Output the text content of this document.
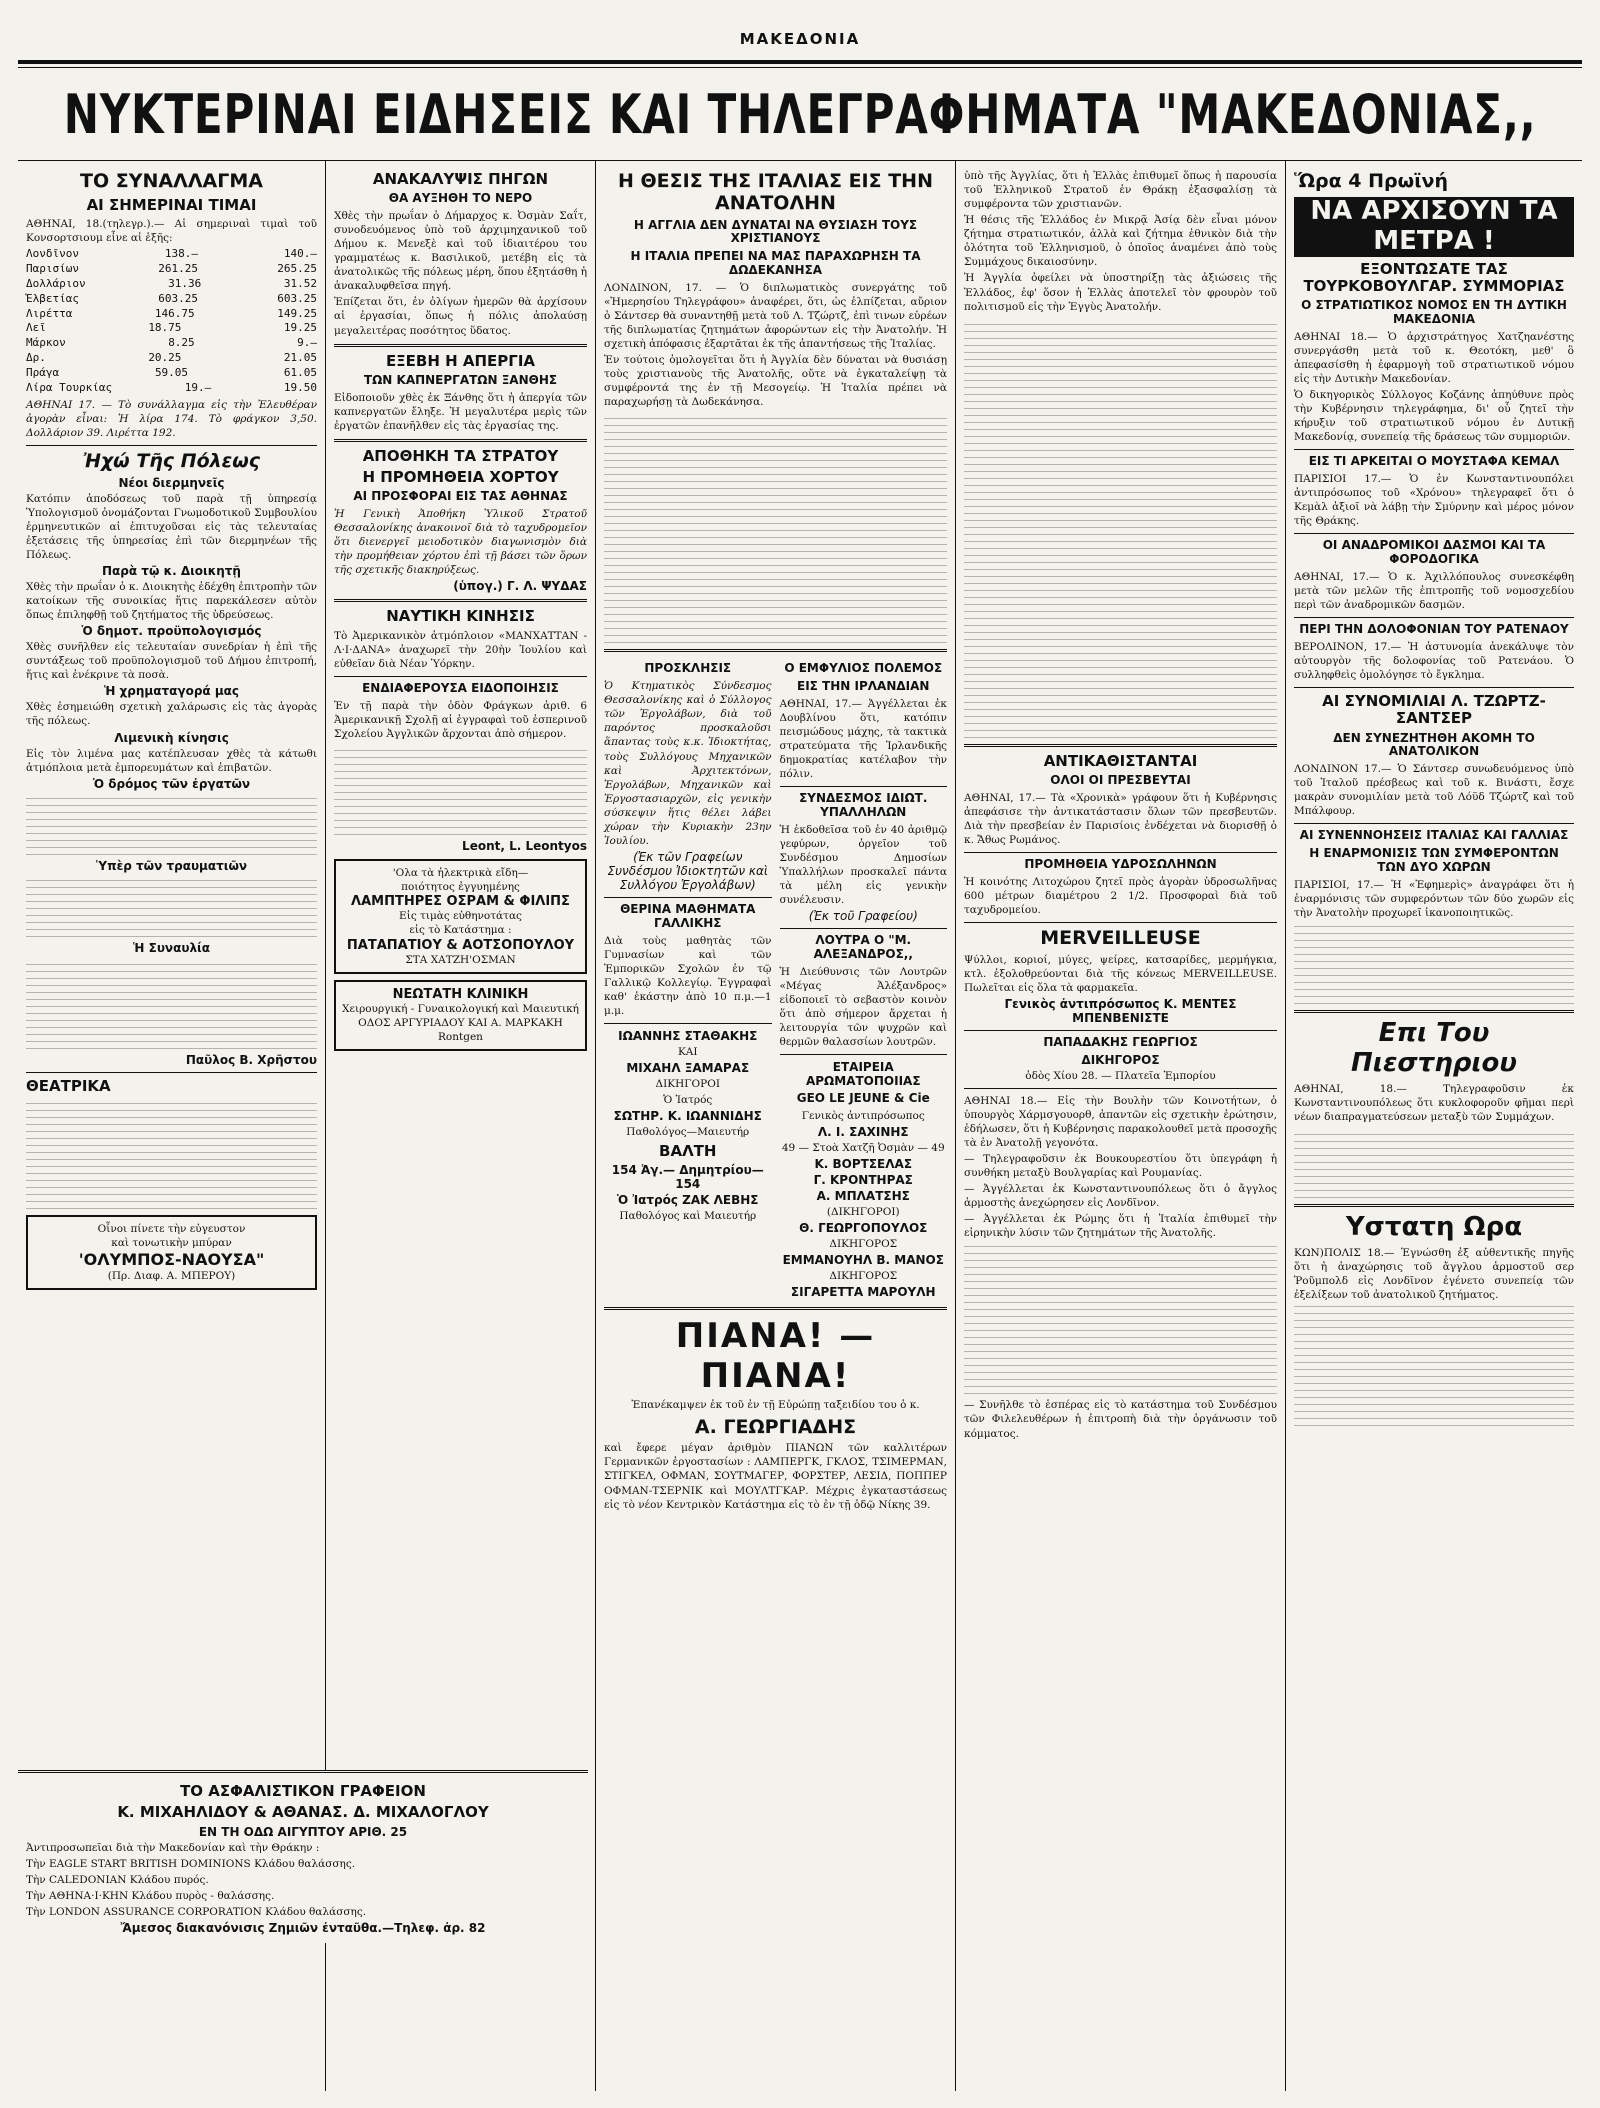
ΜΑΚΕΔΟΝΙΑ
ΝΥΚΤΕΡΙΝΑΙ ΕΙΔΗΣΕΙΣ ΚΑΙ ΤΗΛΕΓΡΑΦΗΜΑΤΑ "ΜΑΚΕΔΟΝΙΑΣ,,
ΤΟ ΣΥΝΑΛΛΑΓΜΑ
ΑΙ ΣΗΜΕΡΙΝΑΙ ΤΙΜΑΙ
ΑΘΗΝΑΙ, 18.(τηλεγρ.).— Αἱ σημεριναὶ τιμαὶ τοῦ Κονσορτσιουμ εἶνε αἱ ἑξῆς:
Λονδῖνον	138.—	140.—
Παρισίων	261.25	265.25
Δολλάριον	31.36	31.52
Ἑλβετίας	603.25	603.25
Λιρέττα	146.75	149.25
Λεῖ	18.75	19.25
Μάρκον	8.25	9.—
Δρ.	20.25	21.05
Πράγα	59.05	61.05
Λίρα Τουρκίας	19.—	19.50
ΑΘΗΝΑΙ 17. — Τὸ συνάλλαγμα εἰς τὴν Ἐλευθέραν ἀγορὰν εἶναι: Ἡ λίρα 174. Τὸ φράγκον 3,50. Δολλάριον 39. Λιρέττα 192.
Ἠχώ Τῆς Πόλεως
Νέοι διερμηνεῖς
Κατόπιν ἀποδόσεως τοῦ παρὰ τῇ ὑπηρεσίᾳ Ὑπολογισμοῦ ὀνομάζονται Γνωμοδοτικοῦ Συμβουλίου ἐρμηνευτικῶν αἱ ἐπιτυχοῦσαι εἰς τὰς τελευταίας ἐξετάσεις τῆς ὑπηρεσίας ἐπὶ τῶν διερμηνέων τῆς Πόλεως.
Παρὰ τῷ κ. Διοικητῇ
Χθὲς τὴν πρωΐαν ὁ κ. Διοικητὴς ἐδέχθη ἐπιτροπὴν τῶν κατοίκων τῆς συνοικίας ἥτις παρεκάλεσεν αὐτὸν ὅπως ἐπιληφθῇ τοῦ ζητήματος τῆς ὑδρεύσεως.
Ὁ δημοτ. προϋπολογισμός
Χθὲς συνῆλθεν εἰς τελευταίαν συνεδρίαν ἡ ἐπὶ τῆς συντάξεως τοῦ προϋπολογισμοῦ τοῦ Δήμου ἐπιτροπή, ἥτις καὶ ἐνέκρινε τὰ ποσὰ.
Ἡ χρηματαγορά μας
Χθὲς ἐσημειώθη σχετικὴ χαλάρωσις εἰς τὰς ἀγορὰς τῆς πόλεως.
Λιμενικὴ κίνησις
Εἰς τὸν λιμένα μας κατέπλευσαν χθὲς τὰ κάτωθι ἀτμόπλοια μετὰ ἐμπορευμάτων καὶ ἐπιβατῶν.
Ὁ δρόμος τῶν ἐργατῶν
Ὑπὲρ τῶν τραυματιῶν
Ἡ Συναυλία
Παῦλος Β. Χρῆστου
ΘΕΑΤΡΙΚΑ
Οἶνοι πίνετε τὴν εὐγευστον
καὶ τονωτικὴν μπύραν
'ΟΛΥΜΠΟΣ-ΝΑΟΥΣΑ"
(Πρ. Διαφ. Α. ΜΠΕΡΟΥ)
ΑΝΑΚΑΛΥΨΙΣ ΠΗΓΩΝ
ΘΑ ΑΥΞΗΘΗ ΤΟ ΝΕΡΟ
Χθὲς τὴν πρωΐαν ὁ Δήμαρχος κ. Ὀσμὰν Σαΐτ, συνοδευόμενος ὑπὸ τοῦ ἀρχιμηχανικοῦ τοῦ Δήμου κ. Μενεξὲ καὶ τοῦ ἰδιαιτέρου του γραμματέως κ. Βασιλικοῦ, μετέβη εἰς τὰ ἀνατολικῶς τῆς πόλεως μέρη, ὅπου ἐξητάσθη ἡ ἀνακαλυφθεῖσα πηγή.
Ἐπίζεται ὅτι, ἐν ὀλίγων ἡμερῶν θὰ ἀρχίσουν αἱ ἐργασίαι, ὅπως ἡ πόλις ἀπολαύσῃ μεγαλειτέρας ποσότητος ὕδατος.
ΕΞΕΒΗ Η ΑΠΕΡΓΙΑ
ΤΩΝ ΚΑΠΝΕΡΓΑΤΩΝ ΞΑΝΘΗΣ
Εἰδοποιοῦν χθὲς ἐκ Ξάνθης ὅτι ἡ ἀπεργία τῶν καπνεργατῶν ἔληξε. Ἡ μεγαλυτέρα μερὶς τῶν ἐργατῶν ἐπανῆλθεν εἰς τὰς ἐργασίας της.
ΑΠΟΘΗΚΗ ΤΑ ΣΤΡΑΤΟΥ
Η ΠΡΟΜΗΘΕΙΑ ΧΟΡΤΟΥ
ΑΙ ΠΡΟΣΦΟΡΑΙ ΕΙΣ ΤΑΣ ΑΘΗΝΑΣ
Ἡ Γενικὴ Ἀποθήκη Ὑλικοῦ Στρατοῦ Θεσσαλονίκης ἀνακοινοῖ διὰ τὸ ταχυδρομεῖον ὅτι διενεργεῖ μειοδοτικὸν διαγωνισμὸν διὰ τὴν προμήθειαν χόρτου ἐπὶ τῇ βάσει τῶν ὅρων τῆς σχετικῆς διακηρύξεως.
(ὑπογ.) Γ. Λ. ΨΥΔΑΣ
ΝΑΥΤΙΚΗ ΚΙΝΗΣΙΣ
Τὸ Ἀμερικανικὸν ἀτμόπλοιον «ΜΑΝΧΑΤΤΑΝ - Λ·Ι·ΔΑΝΑ» ἀναχωρεῖ τὴν 20ὴν Ἰουλίου καὶ εὐθεῖαν διὰ Νέαν Ὑόρκην.
ΕΝΔΙΑΦΕΡΟΥΣΑ ΕΙΔΟΠΟΙΗΣΙΣ
Ἐν τῇ παρὰ τὴν ὁδὸν Φράγκων ἀριθ. 6 Ἀμερικανικῇ Σχολῇ αἱ ἐγγραφαὶ τοῦ ἑσπερινοῦ Σχολείου Ἀγγλικῶν ἄρχονται ἀπὸ σήμερον.
Leont, L. Leontyos
'Ολα τὰ ἠλεκτρικὰ εἴδη—
ποιότητος ἐγγυημένης
ΛΑΜΠΤΗΡΕΣ ΟΣΡΑΜ & ΦΙΛΙΠΣ
Εἰς τιμὰς εὐθηνοτάτας
εἰς τὸ Κατάστημα :
ΠΑΤΑΠΑΤΙΟΥ & ΑΟΤΣΟΠΟΥΛΟΥ
ΣΤΑ ΧΑΤΖΗ'ΟΣΜΑΝ
ΝΕΩΤΑΤΗ ΚΛΙΝΙΚΗ
Χειρουργική - Γυναικολογική καὶ Μαιευτική
ΟΔΟΣ ΑΡΓΥΡΙΑΔΟΥ ΚΑΙ Α. ΜΑΡΚΑΚΗ
Rontgen
Η ΘΕΣΙΣ ΤΗΣ ΙΤΑΛΙΑΣ ΕΙΣ ΤΗΝ ΑΝΑΤΟΛΗΝ
Η ΑΓΓΛΙΑ ΔΕΝ ΔΥΝΑΤΑΙ ΝΑ ΘΥΣΙΑΣΗ ΤΟΥΣ ΧΡΙΣΤΙΑΝΟΥΣ
Η ΙΤΑΛΙΑ ΠΡΕΠΕΙ ΝΑ ΜΑΣ ΠΑΡΑΧΩΡΗΣΗ ΤΑ ΔΩΔΕΚΑΝΗΣΑ
ΛΟΝΔΙΝΟΝ, 17. — Ὁ διπλωματικὸς συνεργάτης τοῦ «Ἡμερησίου Τηλεγράφου» ἀναφέρει, ὅτι, ὡς ἐλπίζεται, αὔριον ὁ Σάντσερ θὰ συναντηθῇ μετὰ τοῦ Λ. Τζώρτζ, ἐπὶ τινων εὑρέων τῆς διπλωματίας ζητημάτων ἀφορώντων εἰς τὴν Ἀνατολήν. Ἡ σχετικὴ ἀπόφασις ἐξαρτᾶται ἐκ τῆς ἀπαντήσεως τῆς Ἰταλίας.
Ἐν τούτοις ὁμολογεῖται ὅτι ἡ Ἀγγλία δὲν δύναται νὰ θυσιάσῃ τοὺς χριστιανοὺς τῆς Ἀνατολῆς, οὔτε νὰ ἐγκαταλείψῃ τὰ συμφέροντά της ἐν τῇ Μεσογείῳ. Ἡ Ἰταλία πρέπει νὰ παραχωρήσῃ τὰ Δωδεκάνησα.
ΠΡΟΣΚΛΗΣΙΣ
Ὁ Κτηματικὸς Σύνδεσμος Θεσσαλονίκης καὶ ὁ Σύλλογος τῶν Ἐργολάβων, διὰ τοῦ παρόντος προσκαλοῦσι ἅπαντας τοὺς κ.κ. Ἰδιοκτήτας, τοὺς Συλλόγους Μηχανικῶν καὶ Ἀρχιτεκτόνων, Ἐργολάβων, Μηχανικῶν καὶ Ἐργοστασιαρχῶν, εἰς γενικὴν σύσκεψιν ἥτις θέλει λάβει χώραν τὴν Κυριακὴν 23ην Ἰουλίου.
(Ἐκ τῶν Γραφείων Συνδέσμου Ἰδιοκτητῶν καὶ Συλλόγου Ἐργολάβων)
ΘΕΡΙΝΑ ΜΑΘΗΜΑΤΑ ΓΑΛΛΙΚΗΣ
Διὰ τοὺς μαθητὰς τῶν Γυμνασίων καὶ τῶν Ἐμπορικῶν Σχολῶν ἐν τῷ Γαλλικῷ Κολλεγίῳ. Ἐγγραφαὶ καθ' ἑκάστην ἀπὸ 10 π.μ.—1 μ.μ.
ΙΩΑΝΝΗΣ ΣΤΑΘΑΚΗΣ
ΚΑΙ
ΜΙΧΑΗΛ ΞΑΜΑΡΑΣ
ΔΙΚΗΓΟΡΟΙ
Ὁ Ἰατρός
ΣΩΤΗΡ. Κ. ΙΩΑΝΝΙΔΗΣ
Παθολόγος—Μαιευτήρ
ΒΑΛΤΗ
154 Ἀγ.— Δημητρίου—154
Ὁ Ἰατρός ΖΑΚ ΛΕΒΗΣ
Παθολόγος καὶ Μαιευτήρ
Ο ΕΜΦΥΛΙΟΣ ΠΟΛΕΜΟΣ
ΕΙΣ ΤΗΝ ΙΡΛΑΝΔΙΑΝ
ΑΘΗΝΑΙ, 17.— Ἀγγέλλεται ἐκ Δουβλίνου ὅτι, κατόπιν πεισμώδους μάχης, τὰ τακτικὰ στρατεύματα τῆς Ἰρλανδικῆς δημοκρατίας κατέλαβον τὴν πόλιν.
ΣΥΝΔΕΣΜΟΣ ΙΔΙΩΤ. ΥΠΑΛΛΗΛΩΝ
Ἡ ἐκδοθεῖσα τοῦ ἐν 40 ἀριθμῷ γεφύρων, ὀργεῖον τοῦ Συνδέσμου Δημοσίων Ὑπαλλήλων προσκαλεῖ πάντα τὰ μέλη εἰς γενικὴν συνέλευσιν.
(Ἐκ τοῦ Γραφείου)
ΛΟΥΤΡΑ Ο "Μ. ΑΛΕΞΑΝΔΡΟΣ,,
Ἡ Διεύθυνσις τῶν Λουτρῶν «Μέγας Ἀλέξανδρος» εἰδοποιεῖ τὸ σεβαστὸν κοινὸν ὅτι ἀπὸ σήμερον ἄρχεται ἡ λειτουργία τῶν ψυχρῶν καὶ θερμῶν θαλασσίων λουτρῶν.
ΕΤΑΙΡΕΙΑ ΑΡΩΜΑΤΟΠΟΙΙΑΣ
GEO LE JEUNE & Cie
Γενικὸς ἀντιπρόσωπος
Λ. Ι. ΣΑΧΙΝΗΣ
49 — Στοὰ Χατζῆ Ὀσμὰν — 49
Κ. ΒΟΡΤΣΕΛΑΣ
Γ. ΚΡΟΝΤΗΡΑΣ
Α. ΜΠΛΑΤΣΗΣ
(ΔΙΚΗΓΟΡΟΙ)
Θ. ΓΕΩΡΓΟΠΟΥΛΟΣ
ΔΙΚΗΓΟΡΟΣ
ΕΜΜΑΝΟΥΗΛ Β. ΜΑΝΟΣ
ΔΙΚΗΓΟΡΟΣ
ΣΙΓΑΡΕΤΤΑ ΜΑΡΟΥΛΗ
ΠΙΑΝΑ! — ΠΙΑΝΑ!
Ἐπανέκαμψεν ἐκ τοῦ ἐν τῇ Εὐρώπῃ ταξειδίου του ὁ κ.
Α. ΓΕΩΡΓΙΑΔΗΣ
καὶ ἔφερε μέγαν ἀριθμὸν ΠΙΑΝΩΝ τῶν καλλιτέρων Γερμανικῶν ἐργοστασίων : ΛΑΜΠΕΡΓΚ, ΓΚΛΟΣ, ΤΣΙΜΕΡΜΑΝ, ΣΤΙΓΚΕΛ, ΟΦΜΑΝ, ΣΟΥΤΜΑΓΕΡ, ΦΟΡΣΤΕΡ, ΛΕΣΙΔ, ΠΟΠΠΕΡ ΟΦΜΑΝ-ΤΣΕΡΝΙΚ καὶ ΜΟΥΛΤΓΚΑΡ. Μέχρις ἐγκαταστάσεως εἰς τὸ νέον Κεντρικὸν Κατάστημα εἰς τὸ ἐν τῇ ὁδῷ Νίκης 39.
ὑπὸ τῆς Ἀγγλίας, ὅτι ἡ Ἑλλὰς ἐπιθυμεῖ ὅπως ἡ παρουσία τοῦ Ἑλληνικοῦ Στρατοῦ ἐν Θράκῃ ἐξασφαλίσῃ τὰ συμφέροντα τῶν χριστιανῶν.
Ἡ θέσις τῆς Ἑλλάδος ἐν Μικρᾷ Ἀσίᾳ δὲν εἶναι μόνον ζήτημα στρατιωτικόν, ἀλλὰ καὶ ζήτημα ἐθνικὸν διὰ τὴν ὁλότητα τοῦ Ἑλληνισμοῦ, ὁ ὁποῖος ἀναμένει ἀπὸ τοὺς Συμμάχους δικαιοσύνην.
Ἡ Ἀγγλία ὀφείλει νὰ ὑποστηρίξῃ τὰς ἀξιώσεις τῆς Ἑλλάδος, ἐφ' ὅσον ἡ Ἑλλὰς ἀποτελεῖ τὸν φρουρὸν τοῦ πολιτισμοῦ εἰς τὴν Ἐγγὺς Ἀνατολήν.
ΑΝΤΙΚΑΘΙΣΤΑΝΤΑΙ
ΟΛΟΙ ΟΙ ΠΡΕΣΒΕΥΤΑΙ
ΑΘΗΝΑΙ, 17.— Τὰ «Χρονικὰ» γράφουν ὅτι ἡ Κυβέρνησις ἀπεφάσισε τὴν ἀντικατάστασιν ὅλων τῶν πρεσβευτῶν. Διὰ τὴν πρεσβείαν ἐν Παρισίοις ἐνδέχεται νὰ διορισθῇ ὁ κ. Ἄθως Ρωμάνος.
ΠΡΟΜΗΘΕΙΑ ΥΔΡΟΣΩΛΗΝΩΝ
Ἡ κοινότης Λιτοχώρου ζητεῖ πρὸς ἀγορὰν ὑδροσωλῆνας 600 μέτρων διαμέτρου 2 1/2. Προσφοραὶ διὰ τοῦ ταχυδρομείου.
MERVEILLEUSE
Ψύλλοι, κοριοί, μύγες, ψείρες, κατσαρίδες, μερμήγκια, κτλ. ἐξολοθρεύονται διὰ τῆς κόνεως MERVEILLEUSE. Πωλεῖται εἰς ὅλα τὰ φαρμακεῖα.
Γενικὸς ἀντιπρόσωπος Κ. ΜΕΝΤΕΣ ΜΠΕΝΒΕΝΙΣΤΕ
ΠΑΠΑΔΑΚΗΣ ΓΕΩΡΓΙΟΣ
ΔΙΚΗΓΟΡΟΣ
ὁδὸς Χίου 28. — Πλατεῖα Ἐμπορίου
ΑΘΗΝΑΙ 18.— Εἰς τὴν Βουλὴν τῶν Κοινοτήτων, ὁ ὑπουργὸς Χάρμσγουορθ, ἀπαντῶν εἰς σχετικὴν ἐρώτησιν, ἐδήλωσεν, ὅτι ἡ Κυβέρνησις παρακολουθεῖ μετὰ προσοχῆς τὰ ἐν Ἀνατολῇ γεγονότα.
— Τηλεγραφοῦσιν ἐκ Βουκουρεστίου ὅτι ὑπεγράφη ἡ συνθήκη μεταξὺ Βουλγαρίας καὶ Ρουμανίας.
— Ἀγγέλλεται ἐκ Κωνσταντινουπόλεως ὅτι ὁ ἄγγλος ἁρμοστὴς ἀνεχώρησεν εἰς Λονδῖνον.
— Ἀγγέλλεται ἐκ Ρώμης ὅτι ἡ Ἰταλία ἐπιθυμεῖ τὴν εἰρηνικὴν λύσιν τῶν ζητημάτων τῆς Ἀνατολῆς.
— Συνῆλθε τὸ ἑσπέρας εἰς τὸ κατάστημα τοῦ Συνδέσμου τῶν Φιλελευθέρων ἡ ἐπιτροπὴ διὰ τὴν ὀργάνωσιν τοῦ κόμματος.
Ὥρα 4 Πρωϊνή
ΝΑ ΑΡΧΙΣΟΥΝ ΤΑ ΜΕΤΡΑ !
ΕΞΟΝΤΩΣΑΤΕ ΤΑΣ ΤΟΥΡΚΟΒΟΥΛΓΑΡ. ΣΥΜΜΟΡΙΑΣ
Ο ΣΤΡΑΤΙΩΤΙΚΟΣ ΝΟΜΟΣ ΕΝ ΤΗ ΔΥΤΙΚΗ ΜΑΚΕΔΟΝΙΑ
ΑΘΗΝΑΙ 18.— Ὁ ἀρχιστράτηγος Χατζηανέστης συνεργάσθη μετὰ τοῦ κ. Θεοτόκη, μεθ' ὃ ἀπεφασίσθη ἡ ἐφαρμογὴ τοῦ στρατιωτικοῦ νόμου εἰς τὴν Δυτικὴν Μακεδονίαν.
Ὁ δικηγορικὸς Σύλλογος Κοζάνης ἀπηύθυνε πρὸς τὴν Κυβέρνησιν τηλεγράφημα, δι' οὗ ζητεῖ τὴν κήρυξιν τοῦ στρατιωτικοῦ νόμου ἐν Δυτικῇ Μακεδονίᾳ, συνεπείᾳ τῆς δράσεως τῶν συμμοριῶν.
ΕΙΣ ΤΙ ΑΡΚΕΙΤΑΙ Ο ΜΟΥΣΤΑΦΑ ΚΕΜΑΛ
ΠΑΡΙΣΙΟΙ 17.— Ὁ ἐν Κωνσταντινουπόλει ἀντιπρόσωπος τοῦ «Χρόνου» τηλεγραφεῖ ὅτι ὁ Κεμὰλ ἀξιοῖ νὰ λάβῃ τὴν Σμύρνην καὶ μέρος μόνον τῆς Θράκης.
ΟΙ ΑΝΑΔΡΟΜΙΚΟΙ ΔΑΣΜΟΙ ΚΑΙ ΤΑ ΦΟΡΟΔΟΓΙΚΑ
ΑΘΗΝΑΙ, 17.— Ὁ κ. Ἀχιλλόπουλος συνεσκέφθη μετὰ τῶν μελῶν τῆς ἐπιτροπῆς τοῦ νομοσχεδίου περὶ τῶν ἀναδρομικῶν δασμῶν.
ΠΕΡΙ ΤΗΝ ΔΟΛΟΦΟΝΙΑΝ ΤΟΥ ΡΑΤΕΝΑΟΥ
ΒΕΡΟΛΙΝΟΝ, 17.— Ἡ ἀστυνομία ἀνεκάλυψε τὸν αὐτουργὸν τῆς δολοφονίας τοῦ Ρατενάου. Ὁ συλληφθεὶς ὁμολόγησε τὸ ἔγκλημα.
ΑΙ ΣΥΝΟΜΙΛΙΑΙ Λ. ΤΖΩΡΤΖ-ΣΑΝΤΣΕΡ
ΔΕΝ ΣΥΝΕΖΗΤΗΘΗ ΑΚΟΜΗ ΤΟ ΑΝΑΤΟΛΙΚΟΝ
ΛΟΝΔΙΝΟΝ 17.— Ὁ Σάντσερ συνωδευόμενος ὑπὸ τοῦ Ἰταλοῦ πρέσβεως καὶ τοῦ κ. Βινάστι, ἔσχε μακρὰν συνομιλίαν μετὰ τοῦ Λόϋδ Τζώρτζ καὶ τοῦ Μπάλφουρ.
ΑΙ ΣΥΝΕΝΝΟΗΣΕΙΣ ΙΤΑΛΙΑΣ ΚΑΙ ΓΑΛΛΙΑΣ
Η ΕΝΑΡΜΟΝΙΣΙΣ ΤΩΝ ΣΥΜΦΕΡΟΝΤΩΝ ΤΩΝ ΔΥΟ ΧΩΡΩΝ
ΠΑΡΙΣΙΟΙ, 17.— Ἡ «Ἐφημερὶς» ἀναγράφει ὅτι ἡ ἐναρμόνισις τῶν συμφερόντων τῶν δύο χωρῶν εἰς τὴν Ἀνατολὴν προχωρεῖ ἱκανοποιητικῶς.
Επι Του Πιεστηριου
ΑΘΗΝΑΙ, 18.— Τηλεγραφοῦσιν ἐκ Κωνσταντινουπόλεως ὅτι κυκλοφοροῦν φῆμαι περὶ νέων διαπραγματεύσεων μεταξὺ τῶν Συμμάχων.
Υστατη Ωρα
ΚΩΝ)ΠΟΛΙΣ 18.— Ἐγνώσθη ἐξ αὐθεντικῆς πηγῆς ὅτι ἡ ἀναχώρησις τοῦ ἄγγλου ἁρμοστοῦ σερ Ῥοῦμπολδ εἰς Λονδῖνον ἐγένετο συνεπείᾳ τῶν ἐξελίξεων τοῦ ἀνατολικοῦ ζητήματος.
ΤΟ ΑΣΦΑΛΙΣΤΙΚΟΝ ΓΡΑΦΕΙΟΝ
Κ. ΜΙΧΑΗΛΙΔΟΥ & ΑΘΑΝΑΣ. Δ. ΜΙΧΑΛΟΓΛΟΥ
ΕΝ ΤΗ ΟΔΩ ΑΙΓΥΠΤΟΥ ΑΡΙΘ. 25
Ἀντιπροσωπεῖαι διὰ τὴν Μακεδονίαν καὶ τὴν Θράκην :
Τὴν EAGLE START BRITISH DOMINIONS Κλάδου θαλάσσης.
Τὴν CALEDONIAN Κλάδου πυρός.
Τὴν ΑΘΗΝΑ·Ι·ΚΗΝ Κλάδου πυρὸς - θαλάσσης.
Τὴν LONDON ASSURANCE CORPORATION Κλάδου θαλάσσης.
Ἄμεσος διακανόνισις Ζημιῶν ἐνταῦθα.—Τηλεφ. ἀρ. 82
